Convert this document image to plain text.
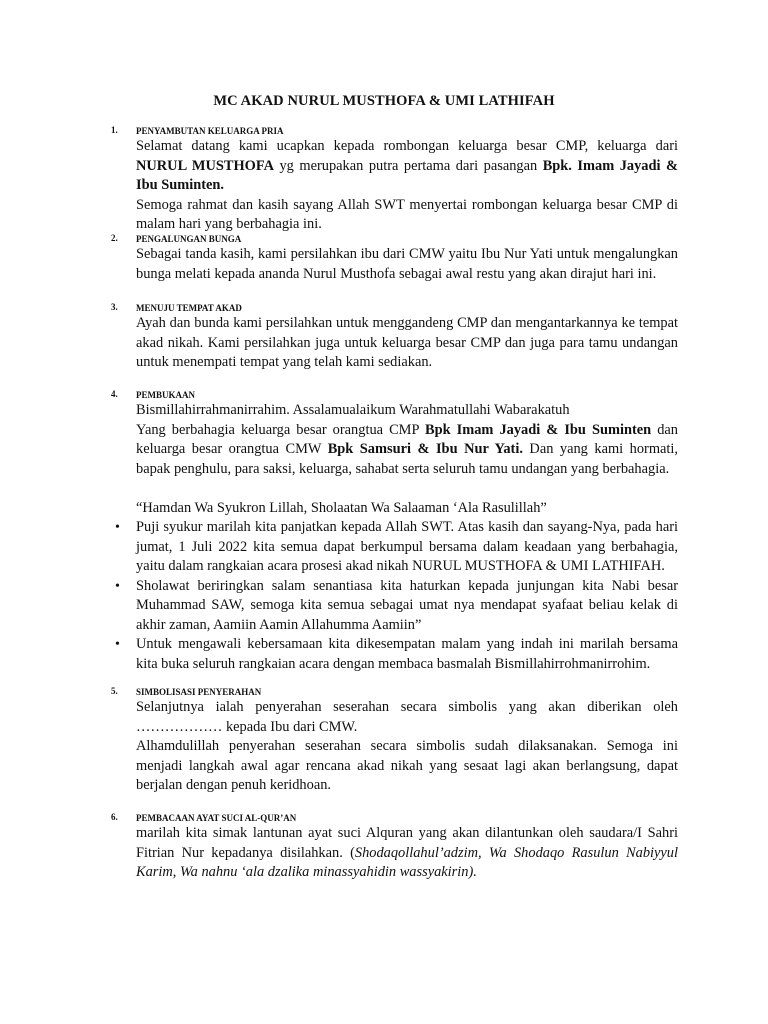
MC AKAD NURUL MUSTHOFA & UMI LATHIFAH
1. PENYAMBUTAN KELUARGA PRIA

Selamat datang kami ucapkan kepada rombongan keluarga besar CMP, keluarga dari NURUL MUSTHOFA yg merupakan putra pertama dari pasangan Bpk. Imam Jayadi & Ibu Suminten.

Semoga rahmat dan kasih sayang Allah SWT menyertai rombongan keluarga besar CMP di malam hari yang berbahagia ini.

2. PENGALUNGAN BUNGA

Sebagai tanda kasih, kami persilahkan ibu dari CMW yaitu Ibu Nur Yati untuk mengalungkan bunga melati kepada ananda Nurul Musthofa sebagai awal restu yang akan dirajut hari ini.

3. MENUJU TEMPAT AKAD

Ayah dan bunda kami persilahkan untuk menggandeng CMP dan mengantarkannya ke tempat akad nikah. Kami persilahkan juga untuk keluarga besar CMP dan juga para tamu undangan untuk menempati tempat yang telah kami sediakan.

4. PEMBUKAAN

Bismillahirrahmanirrahim. Assalamualaikum Warahmatullahi Wabarakatuh

Yang berbahagia keluarga besar orangtua CMP Bpk Imam Jayadi & Ibu Suminten dan keluarga besar orangtua CMW Bpk Samsuri & Ibu Nur Yati. Dan yang kami hormati, bapak penghulu, para saksi, keluarga, sahabat serta seluruh tamu undangan yang berbahagia.

“Hamdan Wa Syukron Lillah, Sholaatan Wa Salaaman ‘Ala Rasulillah”
• Puji syukur marilah kita panjatkan kepada Allah SWT. Atas kasih dan sayang-Nya, pada hari jumat, 1 Juli 2022 kita semua dapat berkumpul bersama dalam keadaan yang berbahagia, yaitu dalam rangkaian acara prosesi akad nikah NURUL MUSTHOFA & UMI LATHIFAH.
• Sholawat beriringkan salam senantiasa kita haturkan kepada junjungan kita Nabi besar Muhammad SAW, semoga kita semua sebagai umat nya mendapat syafaat beliau kelak di akhir zaman, Aamiin Aamin Allahumma Aamiin”
• Untuk mengawali kebersamaan kita dikesempatan malam yang indah ini marilah bersama kita buka seluruh rangkaian acara dengan membaca basmalah Bismillahirrohmanirrohim.
5. SIMBOLISASI PENYERAHAN

Selanjutnya ialah penyerahan seserahan secara simbolis yang akan diberikan oleh ……………… kepada Ibu dari CMW.

Alhamdulillah penyerahan seserahan secara simbolis sudah dilaksanakan. Semoga ini menjadi langkah awal agar rencana akad nikah yang sesaat lagi akan berlangsung, dapat berjalan dengan penuh keridhoan.

6. PEMBACAAN AYAT SUCI AL-QUR’AN

marilah kita simak lantunan ayat suci Alquran yang akan dilantunkan oleh saudara/I Sahri Fitrian Nur kepadanya disilahkan. (Shodaqollahul’adzim, Wa Shodaqo Rasulun Nabiyyul Karim, Wa nahnu ‘ala dzalika minassyahidin wassyakirin).
